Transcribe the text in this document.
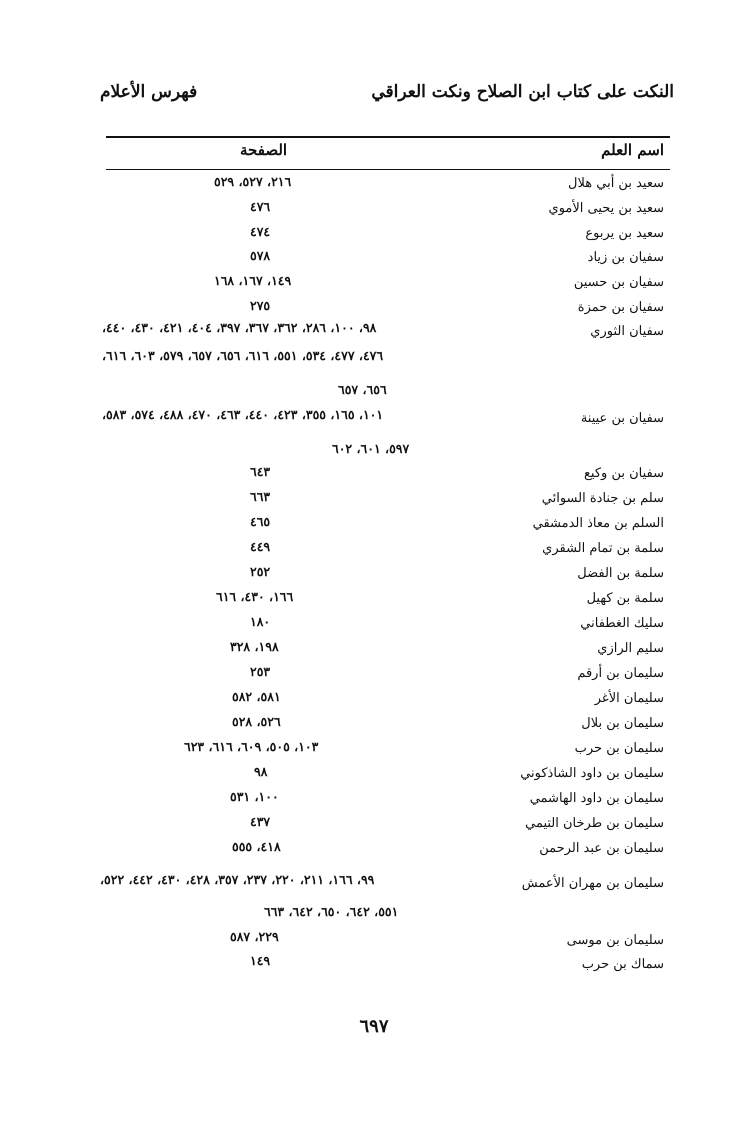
النكت على كتاب ابن الصلاح ونكت العراقي
فهرس الأعلام
اسم العلم
الصفحة
سعيد بن أبي هلال
٢١٦، ٥٢٧، ٥٢٩
سعيد بن يحيى الأموي
٤٧٦
سعيد بن يربوع
٤٧٤
سفيان بن زياد
٥٧٨
سفيان بن حسين
١٤٩، ١٦٧، ١٦٨
سفيان بن حمزة
٢٧٥
سفيان الثوري
٩٨، ١٠٠، ٢٨٦، ٣٦٢، ٣٦٧، ٣٩٧، ٤٠٤، ٤٢١، ٤٣٠، ٤٤٠،
٤٧٦، ٤٧٧، ٥٣٤، ٥٥١، ٦١٦، ٦٥٦، ٦٥٧، ٥٧٩، ٦٠٣، ٦١٦،
٦٥٦، ٦٥٧
سفيان بن عيينة
١٠١، ١٦٥، ٣٥٥، ٤٢٣، ٤٤٠، ٤٦٣، ٤٧٠، ٤٨٨، ٥٧٤، ٥٨٣،
٥٩٧، ٦٠١، ٦٠٢
سفيان بن وكيع
٦٤٣
سلم بن جنادة السوائي
٦٦٣
السلم بن معاذ الدمشقي
٤٦٥
سلمة بن تمام الشقري
٤٤٩
سلمة بن الفضل
٢٥٢
سلمة بن كهيل
١٦٦، ٤٣٠، ٦١٦
سليك الغطفاني
١٨٠
سليم الرازي
١٩٨، ٣٢٨
سليمان بن أرقم
٢٥٣
سليمان الأغر
٥٨١، ٥٨٢
سليمان بن بلال
٥٢٦، ٥٢٨
سليمان بن حرب
١٠٣، ٥٠٥، ٦٠٩، ٦١٦، ٦٢٣
سليمان بن داود الشاذكوني
٩٨
سليمان بن داود الهاشمي
١٠٠، ٥٣١
سليمان بن طرخان التيمي
٤٣٧
سليمان بن عبد الرحمن
٤١٨، ٥٥٥
سليمان بن مهران الأعمش
٩٩، ١٦٦، ٢١١، ٢٢٠، ٢٣٧، ٣٥٧، ٤٢٨، ٤٣٠، ٤٤٢، ٥٢٢،
٥٥١، ٦٤٢، ٦٥٠، ٦٤٢، ٦٦٣
سليمان بن موسى
٢٢٩، ٥٨٧
سماك بن حرب
١٤٩
٦٩٧
